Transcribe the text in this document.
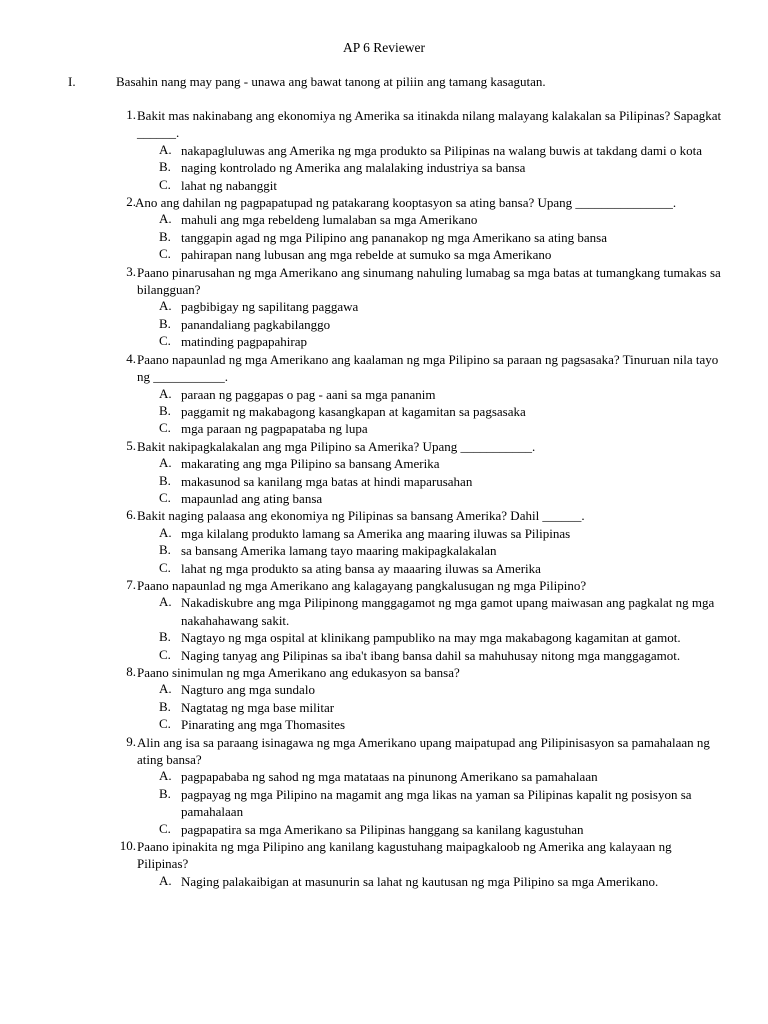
AP 6 Reviewer
I.	Basahin nang may pang - unawa ang bawat tanong at piliin ang tamang kasagutan.
1. Bakit mas nakinabang ang ekonomiya ng Amerika sa itinakda nilang malayang kalakalan sa Pilipinas? Sapagkat ______.
A. nakapagluluwas ang Amerika ng mga produkto sa Pilipinas na walang buwis at takdang dami o kota
B. naging kontrolado ng Amerika ang malalaking industriya sa bansa
C. lahat ng nabanggit
2. Ano ang dahilan ng pagpapatupad ng patakarang kooptasyon sa ating bansa? Upang _______________.
A. mahuli ang mga rebeldeng lumalaban sa mga Amerikano
B. tanggapin agad ng mga Pilipino ang pananakop ng mga Amerikano sa ating bansa
C. pahirapan nang lubusan ang mga rebelde at sumuko sa mga Amerikano
3. Paano pinarusahan ng mga Amerikano ang sinumang nahuling lumabag sa mga batas at tumangkang tumakas sa bilangguan?
A. pagbibigay ng sapilitang paggawa
B. panandaliang pagkabilanggo
C. matinding pagpapahirap
4. Paano napaunlad ng mga Amerikano ang kaalaman ng mga Pilipino sa paraan ng pagsasaka? Tinuruan nila tayo ng ___________.
A. paraan ng paggapas o pag - aani sa mga pananim
B. paggamit ng makabagong kasangkapan at kagamitan sa pagsasaka
C. mga paraan ng pagpapataba ng lupa
5. Bakit nakipagkalakalan ang mga Pilipino sa Amerika? Upang ___________.
A. makarating ang mga Pilipino sa bansang Amerika
B. makasunod sa kanilang mga batas at hindi maparusahan
C. mapaunlad ang ating bansa
6. Bakit naging palaasa ang ekonomiya ng Pilipinas sa bansang Amerika? Dahil ______.
A. mga kilalang produkto lamang sa Amerika ang maaring iluwas sa Pilipinas
B. sa bansang Amerika lamang tayo maaring makipagkalakalan
C. lahat ng mga produkto sa ating bansa ay maaaring iluwas sa Amerika
7. Paano napaunlad ng mga Amerikano ang kalagayang pangkalusugan ng mga Pilipino?
A. Nakadiskubre ang mga Pilipinong manggagamot ng mga gamot upang maiwasan ang pagkalat ng mga nakahahawang sakit.
B. Nagtayo ng mga ospital at klinikang pampubliko na may mga makabagong kagamitan at gamot.
C. Naging tanyag ang Pilipinas sa iba't ibang bansa dahil sa mahuhusay nitong mga manggagamot.
8. Paano sinimulan ng mga Amerikano ang edukasyon sa bansa?
A. Nagturo ang mga sundalo
B. Nagtatag ng mga base militar
C. Pinarating ang mga Thomasites
9. Alin ang isa sa paraang isinagawa ng mga Amerikano upang maipatupad ang Pilipinisasyon sa pamahalaan ng ating bansa?
A. pagpapababa ng sahod ng mga matataas na pinunong Amerikano sa pamahalaan
B. pagpayag ng mga Pilipino na magamit ang mga likas na yaman sa Pilipinas kapalit ng posisyon sa pamahalaan
C. pagpapatira sa mga Amerikano sa Pilipinas hanggang sa kanilang kagustuhan
10. Paano ipinakita ng mga Pilipino ang kanilang kagustuhang maipagkaloob ng Amerika ang kalayaan ng Pilipinas?
A. Naging palakaibigan at masunurin sa lahat ng kautusan ng mga Pilipino sa mga Amerikano.
